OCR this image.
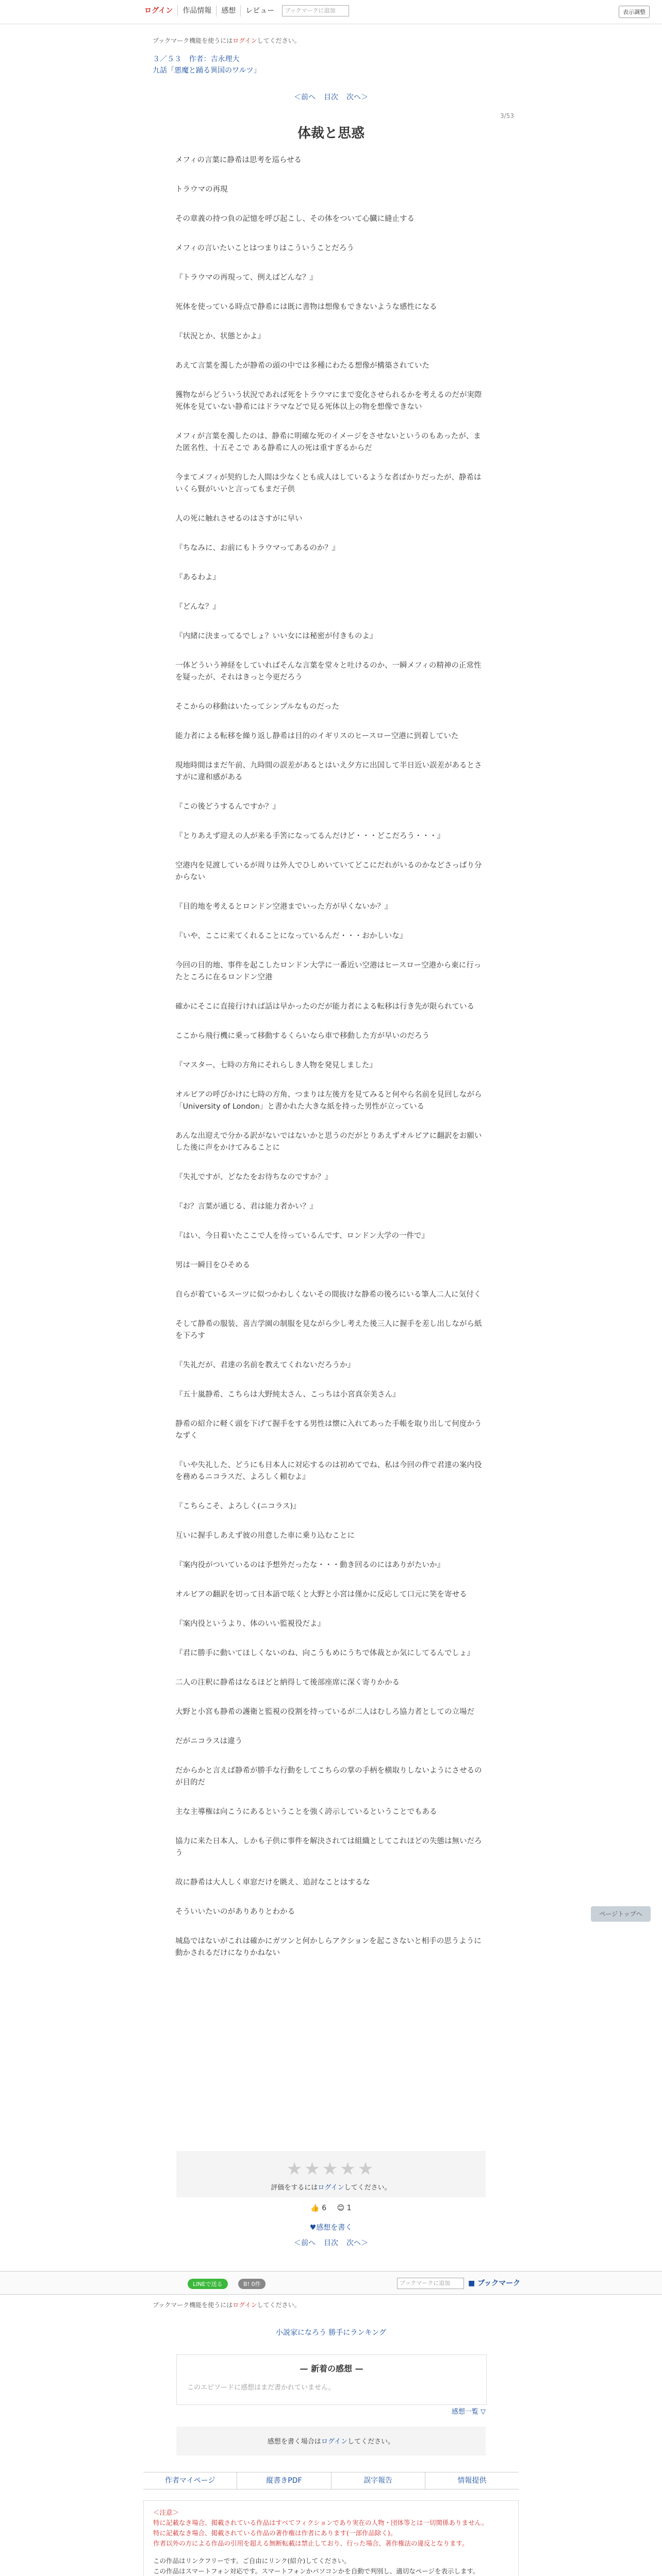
ログイン	作品情報	感想	レビュー	ブックマークに追加	表示調整
ブックマーク機能を使うにはログインしてください。
３／５３ 作者：吉永理大
九話「悪魔と踊る異国のワルツ」
＜前へ 目次 次へ＞
3/53
体裁と思惑

メフィの言葉に静希は思考を巡らせる

トラウマの再現

その章義の持つ負の記憶を呼び起こし、その体をついて心臓に縫止する

メフィの言いたいことはつまりはこういうことだろう

『トラウマの再現って、例えばどんな？』

死体を使っている時点で静希には既に書物は想像もできないような感性になる

『状況とか、状態とかよ』

あえて言葉を濁したが静希の頭の中では多種にわたる想像が構築されていた

獲物ながらどういう状況であれば死をトラウマにまで変化させられるかを考えるのだが実際死体を見ていない静希にはドラマなどで見る死体以上の物を想像できない

メフィが言葉を濁したのは、静希に明確な死のイメージをさせないというのもあったが、また匿名性、十五そこで ある静希に人の死は重すぎるからだ

今まてメフィが契約した人間は少なくとも成人はしているような者ばかりだったが、静希はいくら賢がいいと言ってもまだ子供

人の死に触れさせるのはさすがに早い

『ちなみに、お前にもトラウマってあるのか？』

『あるわよ』

『どんな？』

『内緒に決まってるでしょ？いい女には秘密が付きものよ』

一体どういう神経をしていればそんな言葉を堂々と吐けるのか、一瞬メフィの精神の正常性を疑ったが、それはきっと今更だろう

そこからの移動はいたってシンプルなものだった

能力者による転移を繰り返し静希は目的のイギリスのヒースロー空港に到着していた

現地時間はまだ午前、九時間の誤差があるとはいえ夕方に出国して半日近い誤差があるとさすがに違和感がある

『この後どうするんですか？』

『とりあえず迎えの人が来る手筈になってるんだけど・・・どこだろう・・・』

空港内を見渡しているが周りは外人でひしめいていてどこにだれがいるのかなどさっぱり分からない

『目的地を考えるとロンドン空港までいった方が早くないか？』

『いや、ここに来てくれることになっているんだ・・・おかしいな』

今回の目的地、事件を起こしたロンドン大学に一番近い空港はヒースロー空港から東に行ったところに在るロンドン空港

確かにそこに直接行ければ話は早かったのだが能力者による転移は行き先が限られている

ここから飛行機に乗って移動するくらいなら車で移動した方が早いのだろう

『マスター、七時の方角にそれらしき人物を発見しました』

オルビアの呼びかけに七時の方角、つまりは左後方を見てみると何やら名前を見回しながら「University of London」と書かれた大きな紙を持った男性が立っている

あんな出迎えで分かる訳がないではないかと思うのだがとりあえずオルビアに翻訳をお願いした後に声をかけてみることに

『失礼ですが、どなたをお待ちなのですか？』

『お？言葉が通じる、君は能力者かい？』

『はい、今日着いたここで人を待っているんです、ロンドン大学の一件で』

男は一瞬目をひそめる

自らが着ているスーツに似つかわしくないその間抜けな静希の後ろにいる筆人二人に気付く

そして静希の服装、喜吉学園の制服を見ながら少し考えた後三人に握手を差し出しながら紙を下ろす

『失礼だが、君達の名前を教えてくれないだろうか』

『五十嵐静希、こちらは大野純太さん、こっちは小宮真奈美さん』

静希の紹介に軽く頭を下げて握手をする男性は懐に入れてあった手帳を取り出して何度かうなずく

『いや失礼した、どうにも日本人に対応するのは初めてでね、私は今回の件で君達の案内役を務めるニコラスだ、よろしく頼むよ』

『こちらこそ、よろしく(ニコラス)』

互いに握手しあえず彼の用意した車に乗り込むことに

『案内役がついているのは予想外だったな・・・動き回るのにはありがたいか』

オルビアの翻訳を切って日本語で呟くと大野と小宮は僅かに反応して口元に笑を寄せる

『案内役というより、体のいい監視役だよ』

『君に勝手に動いてほしくないのね、向こうもめにうちで体裁とか気にしてるんでしょ』

二人の注釈に静希はなるほどと納得して後部座席に深く寄りかかる

大野と小宮も静希の護衛と監視の役割を持っているが二人はむしろ協力者としての立場だ

だがニコラスは違う

だからかと言えば静希が勝手な行動をしてこちらの掌の手柄を横取りしないようにさせるのが目的だ

主な主導権は向こうにあるということを強く誇示しているということでもある

協力に来た日本人、しかも子供に事件を解決されては組織としてこれほどの失態は無いだろう

故に静希は大人しく車窓だけを眺え、追討なことはするな

そういいたいのがありありとわかる

城島ではないがこれは確かにガツンと何かしらアクションを起こさないと相手の思うように動かされるだけになりかねない

ページトップへ
★★★★★
評価をするにはログインしてください。
👍 6 😊 1
♥感想を書く
＜前へ 目次 次へ＞
LINEで送る	B! 0件	ブックマークに追加	■ ブックマーク
ブックマーク機能を使うにはログインしてください。
小説家になろう 勝手にランキング
— 新着の感想 —
このエピソードに感想はまだ書かれていません。
感想一覧 ▽
感想を書く場合はログインしてください。
作者マイページ	縦書きPDF	誤字報告	情報提供
＜注意＞
特に記載なき場合、掲載されている作品はすべてフィクションであり実在の人物・団体等とは一切関係ありません。
特に記載なき場合、掲載されている作品の著作権は作者にあります(一部作品除く)。
作者以外の方による作品の引用を超える無断転載は禁止しており、行った場合、著作権法の違反となります。
この作品はリンクフリーです。ご自由にリンク(紹介)してください。
この作品はスマートフォン対応です。スマートフォンかパソコンかを自動で判別し、適切なページを表示します。
